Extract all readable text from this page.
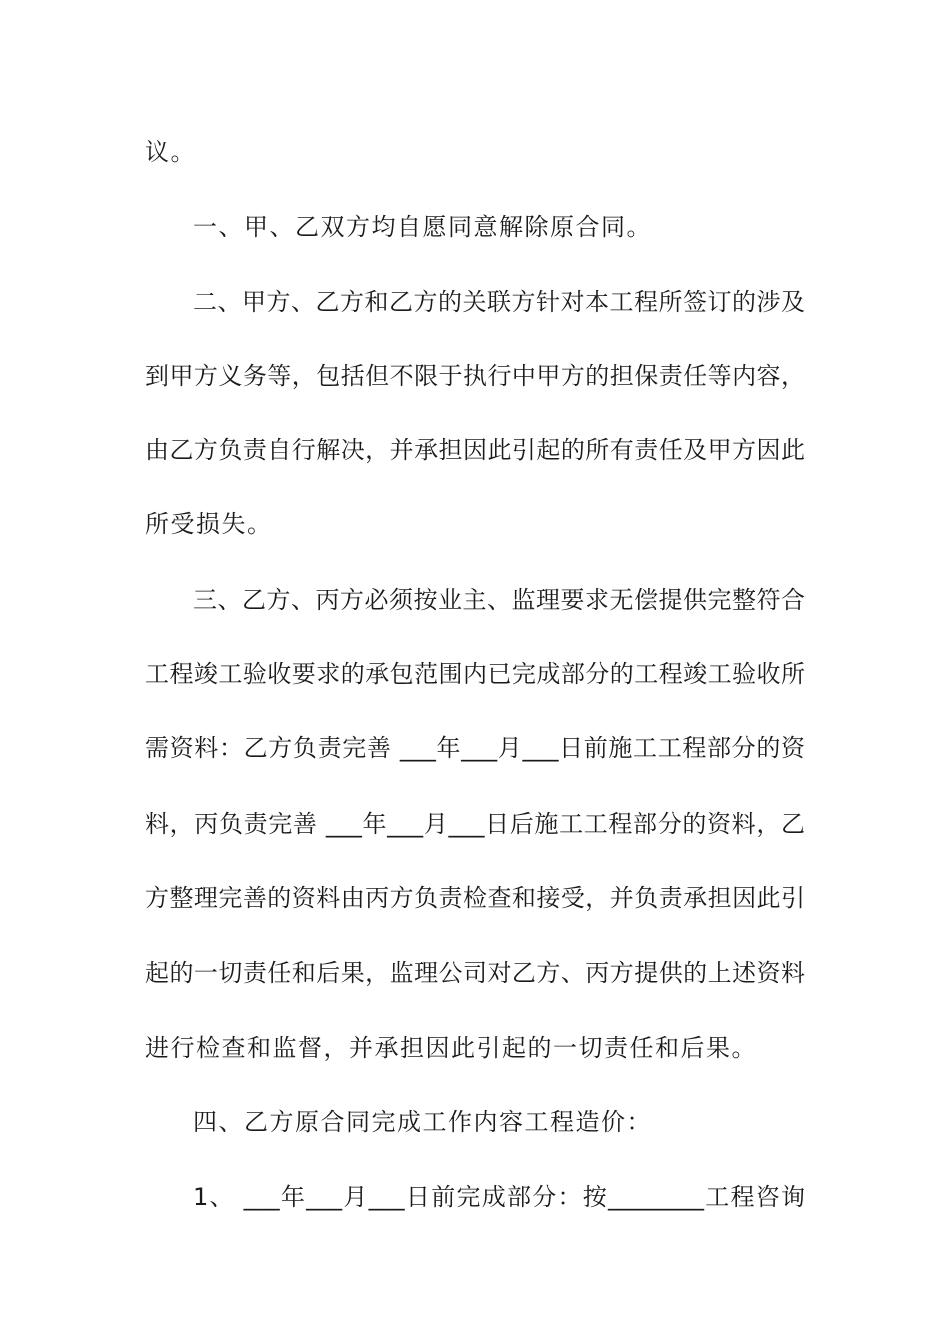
议。
一、甲、乙双方均自愿同意解除原合同。
二、甲方、乙方和乙方的关联方针对本工程所签订的涉及
到甲方义务等，包括但不限于执行中甲方的担保责任等内容，
由乙方负责自行解决，并承担因此引起的所有责任及甲方因此
所受损失。
三、乙方、丙方必须按业主、监理要求无偿提供完整符合
工程竣工验收要求的承包范围内已完成部分的工程竣工验收所
需资料：乙方负责完善 ___年___月___日前施工工程部分的资
料，丙负责完善 ___年___月___日后施工工程部分的资料，乙
方整理完善的资料由丙方负责检查和接受，并负责承担因此引
起的一切责任和后果，监理公司对乙方、丙方提供的上述资料
进行检查和监督，并承担因此引起的一切责任和后果。
四、乙方原合同完成工作内容工程造价：
1、 ___年___月___日前完成部分：按________工程咨询
